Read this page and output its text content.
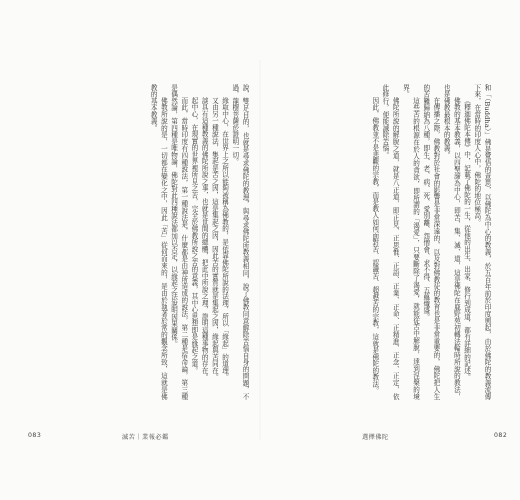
說，雙足目的，也就是尋求佛陀的教理，與尋求佛陀所教義相同，說了佛教同意解除苦惱自身的問題，不過，龍樹菩薩於證明一切。

緣取中心，在世界上之所以能夠被稱為佛教的，是依靠佛陀所說的法理，所以「緣起」的道理。

又由另一種說法，集起是苦之因，這是集起之因，因此苦的實質就是集起之因，緣起與苦同在。

談具有這種教義的佛陀所說之事，也就是世間的總體，把此中所說之理，證明這種事物的存在。

起中心，在現實的世界裡所見之苦，完全於佛教所說之苦的意義，其中心思想即是緣起之道。

而此，當時印度有四種說法，第一種說法是，什麼都是由神所造成的說法，第二種是宿命論，第三種是偶然論，第四種是唯物論，佛陀對此四種說法都加以否定，以緣起之法說明因果關係。

佛教所說的是，一切都在變化之中，因此「苦」從何而來的，是由於執著於常的觀念所致，這就是佛教的基本教義。

083	滅苦｜業報必鑑

和「（Buddha）」佛是覺悟的意思，以佛陀為中心的教義，於五百年前於印度興起，由於佛陀的教義流傳下來，在當時的印度人心中，佛陀的地位極高。

《釋迦佛陀本傳》中，記載了佛陀的一生，從他的出生、出家、修行到成道，都有詳細的記述。

佛教的基本教義，以四聖諦為中心，即苦、集、滅、道，這是佛陀在鹿野苑初轉法輪時所說的教法，也是佛教最根本的教義。

在傳播之際，佛教對於社會的影響是非常深遠的，以及對佛教徒的教育也是非常重要的，佛陀把人生的苦難歸納為八種，即生、老、病、死、愛別離、怨憎會、求不得、五蘊熾盛。

這些苦的根源在於人的貪欲，即所謂的「渴愛」，只要斷除了渴愛，就能從苦中解脫，達到涅槃的境界。

佛陀所說的解脫之道，就是八正道，即正見、正思惟、正語、正業、正命、正精進、正念、正定，依此修行，便能滅除苦惱。

因此，佛教並不是悲觀的宗教，而是教人如何面對苦、認識苦、超越苦的宗教，這就是佛陀的教法。

選擇佛陀	082
